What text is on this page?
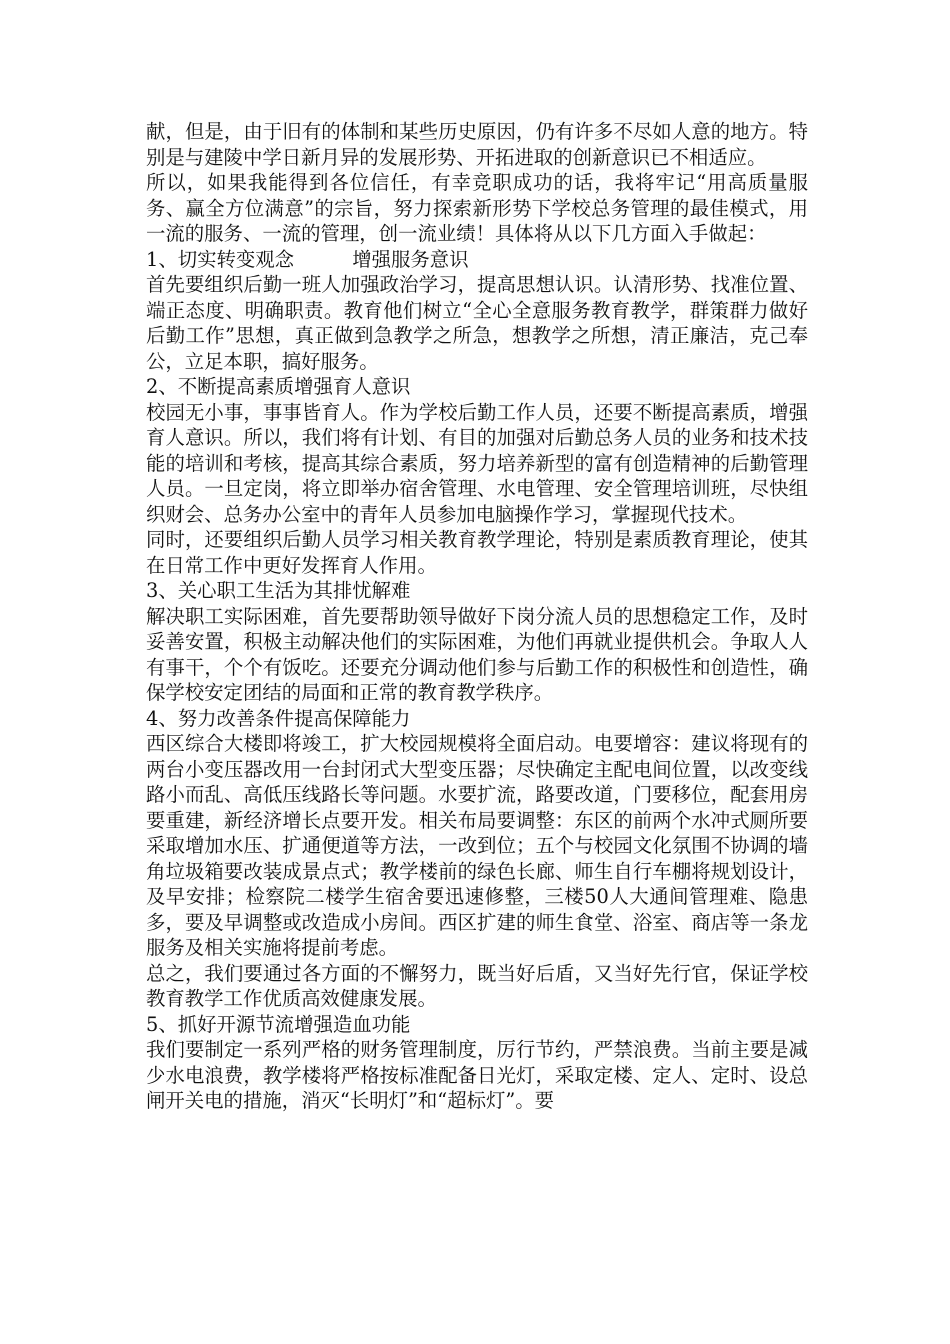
献，但是，由于旧有的体制和某些历史原因，仍有许多不尽如人意的地方。特别是与建陵中学日新月异的发展形势、开拓进取的创新意识已不相适应。

所以，如果我能得到各位信任，有幸竞职成功的话，我将牢记“用高质量服务、赢全方位满意”的宗旨，努力探索新形势下学校总务管理的最佳模式，用一流的服务、一流的管理，创一流业绩！具体将从以下几方面入手做起：

1、切实转变观念　　　增强服务意识

首先要组织后勤一班人加强政治学习，提高思想认识。认清形势、找准位置、端正态度、明确职责。教育他们树立“全心全意服务教育教学，群策群力做好后勤工作”思想，真正做到急教学之所急，想教学之所想，清正廉洁，克己奉公，立足本职，搞好服务。

2、不断提高素质增强育人意识

校园无小事，事事皆育人。作为学校后勤工作人员，还要不断提高素质，增强育人意识。所以，我们将有计划、有目的加强对后勤总务人员的业务和技术技能的培训和考核，提高其综合素质，努力培养新型的富有创造精神的后勤管理人员。一旦定岗，将立即举办宿舍管理、水电管理、安全管理培训班，尽快组织财会、总务办公室中的青年人员参加电脑操作学习，掌握现代技术。

同时，还要组织后勤人员学习相关教育教学理论，特别是素质教育理论，使其在日常工作中更好发挥育人作用。

3、关心职工生活为其排忧解难

解决职工实际困难，首先要帮助领导做好下岗分流人员的思想稳定工作，及时妥善安置，积极主动解决他们的实际困难，为他们再就业提供机会。争取人人有事干，个个有饭吃。还要充分调动他们参与后勤工作的积极性和创造性，确保学校安定团结的局面和正常的教育教学秩序。

4、努力改善条件提高保障能力

西区综合大楼即将竣工，扩大校园规模将全面启动。电要增容：建议将现有的两台小变压器改用一台封闭式大型变压器；尽快确定主配电间位置，以改变线路小而乱、高低压线路长等问题。水要扩流，路要改道，门要移位，配套用房要重建，新经济增长点要开发。相关布局要调整：东区的前两个水冲式厕所要采取增加水压、扩通便道等方法，一改到位；五个与校园文化氛围不协调的墙角垃圾箱要改装成景点式；教学楼前的绿色长廊、师生自行车棚将规划设计，及早安排；检察院二楼学生宿舍要迅速修整，三楼50人大通间管理难、隐患多，要及早调整或改造成小房间。西区扩建的师生食堂、浴室、商店等一条龙服务及相关实施将提前考虑。

总之，我们要通过各方面的不懈努力，既当好后盾，又当好先行官，保证学校教育教学工作优质高效健康发展。

5、抓好开源节流增强造血功能

我们要制定一系列严格的财务管理制度，厉行节约，严禁浪费。当前主要是减少水电浪费，教学楼将严格按标准配备日光灯，采取定楼、定人、定时、设总闸开关电的措施，消灭“长明灯”和“超标灯”。要
